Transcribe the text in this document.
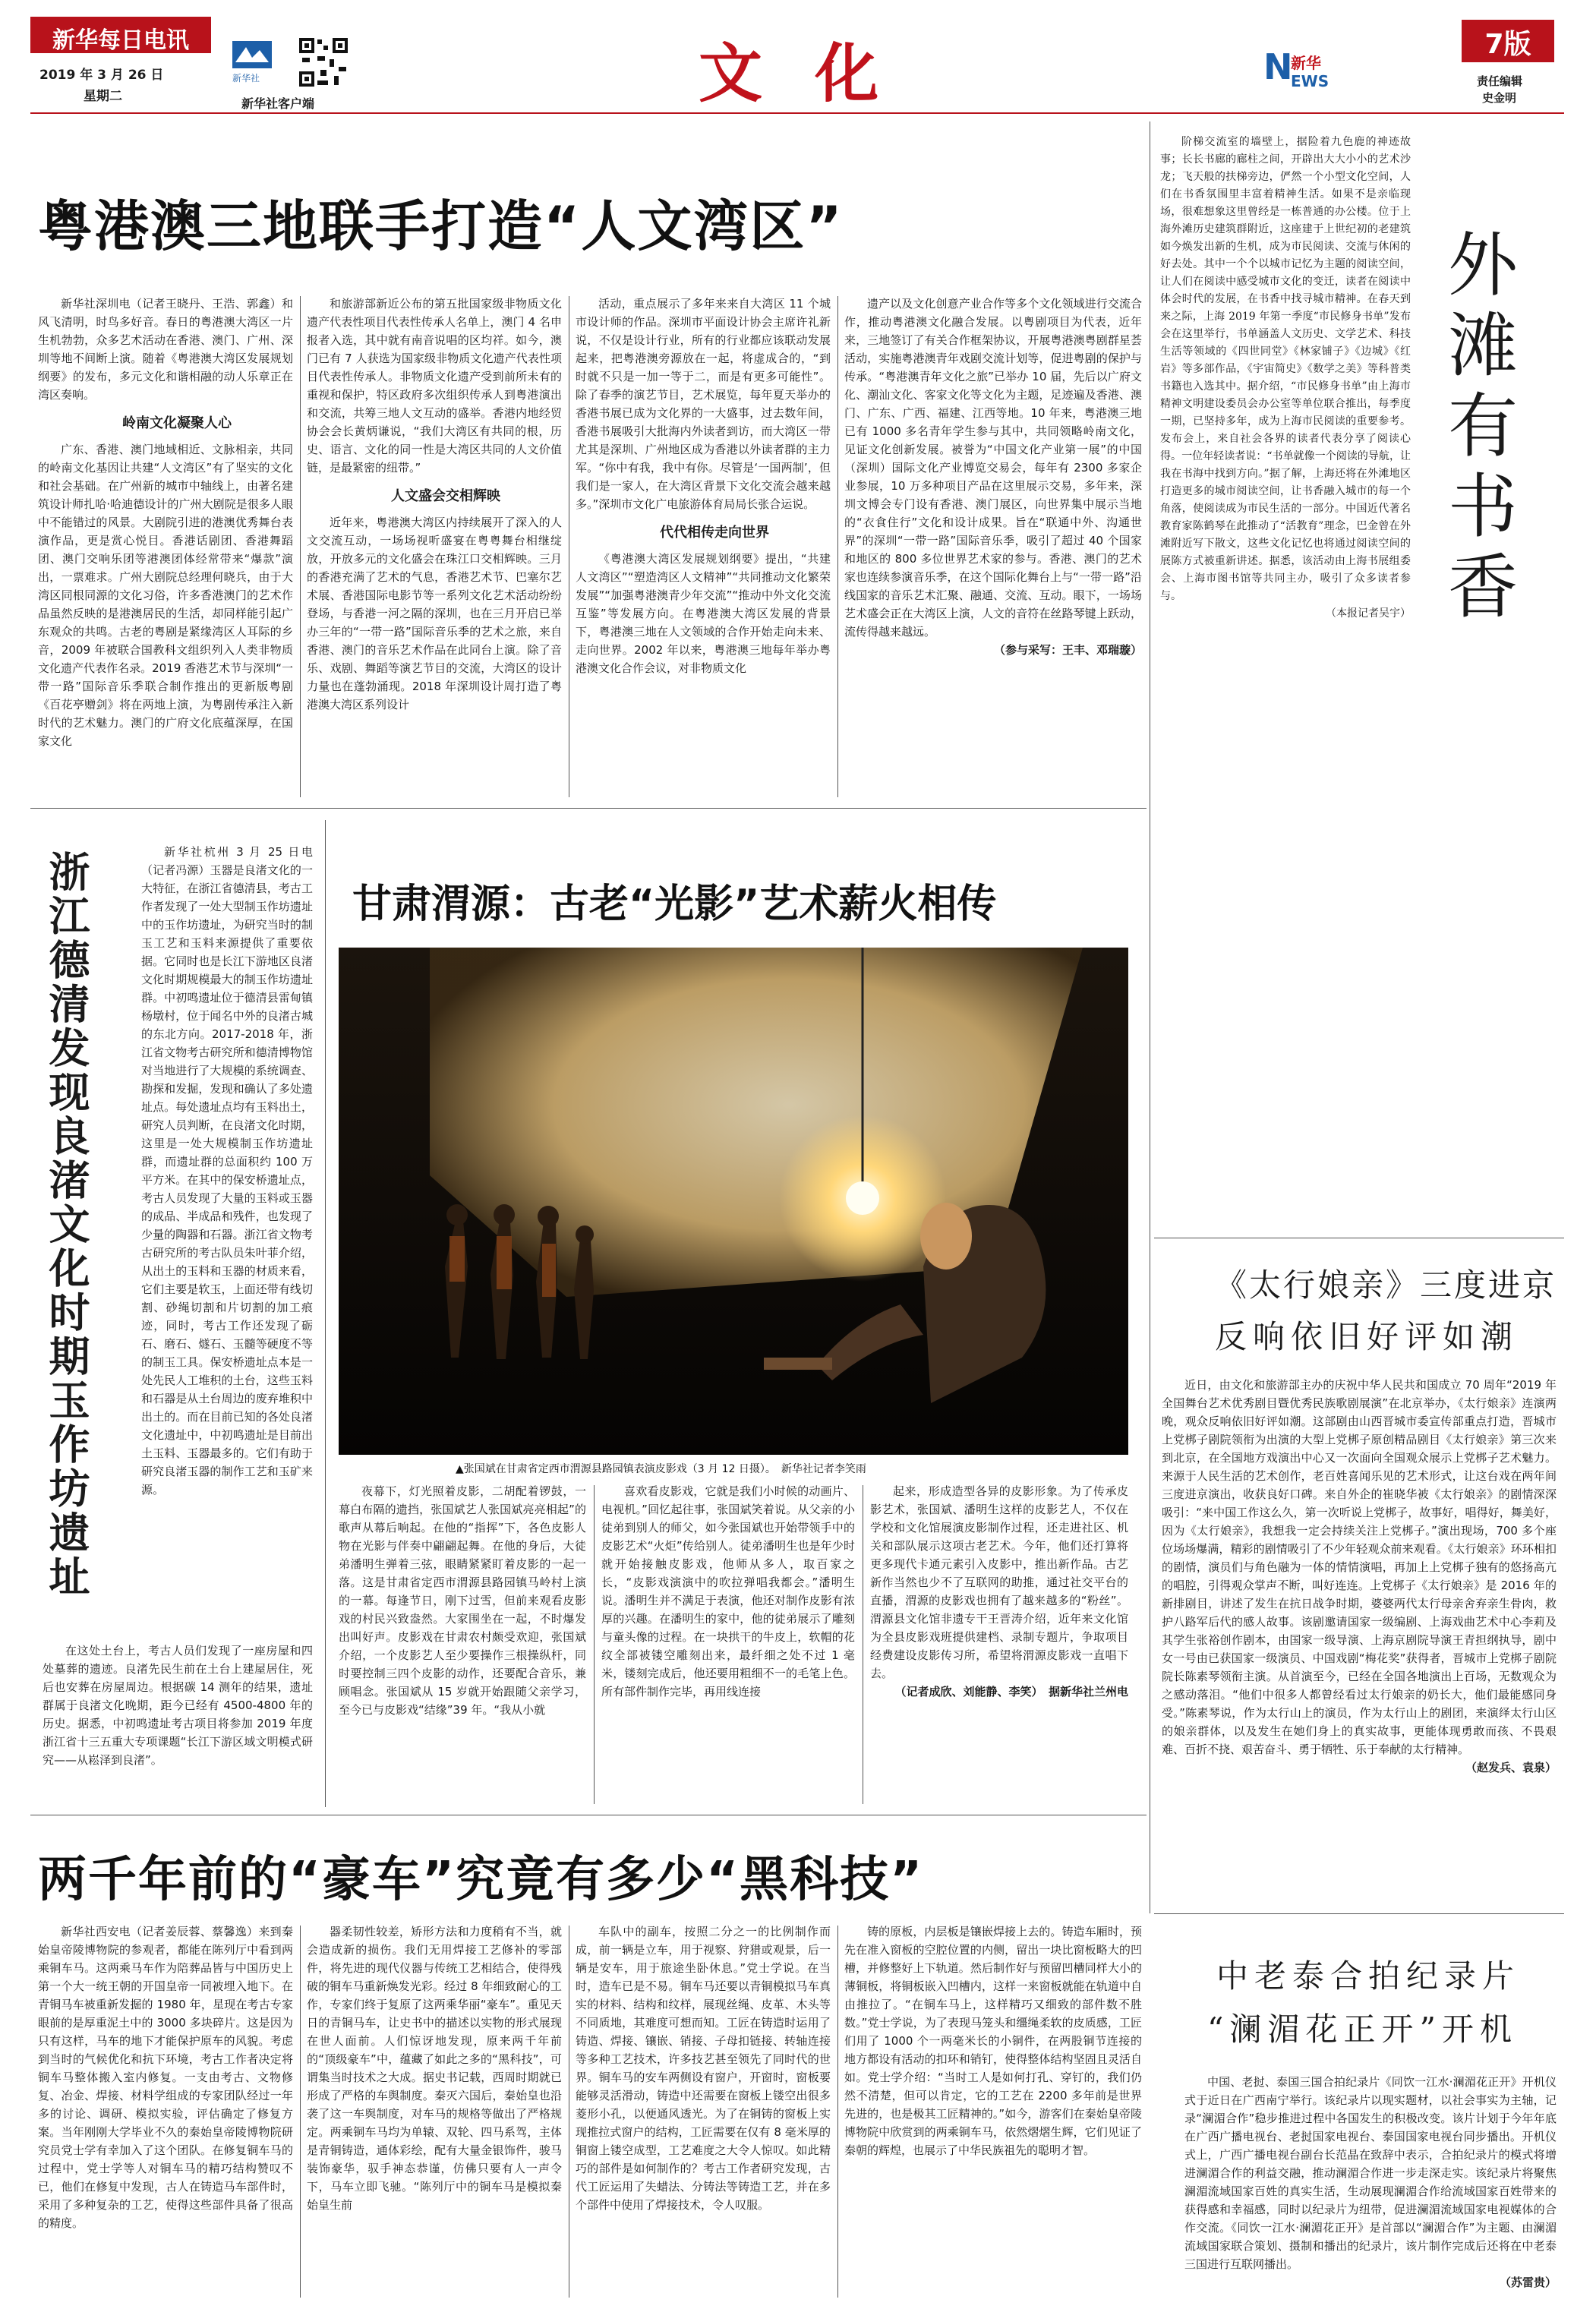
新华每日电讯
2019 年 3 月 26 日
星期二
新华社
新华社客户端	文 化	N
新华
EWS
7版
责任编辑
史金明
粤港澳三地联手打造“人文湾区”

新华社深圳电（记者王晓丹、王浩、郭鑫）和风飞清明，时鸟多好音。春日的粤港澳大湾区一片生机勃勃，众多艺术活动在香港、澳门、广州、深圳等地不间断上演。随着《粤港澳大湾区发展规划纲要》的发布，多元文化和谐相融的动人乐章正在湾区奏响。

岭南文化凝聚人心

广东、香港、澳门地域相近、文脉相亲，共同的岭南文化基因让共建“人文湾区”有了坚实的文化和社会基础。在广州新的城市中轴线上，由著名建筑设计师扎哈·哈迪德设计的广州大剧院是很多人眼中不能错过的风景。大剧院引进的港澳优秀舞台表演作品，更是赏心悦目。香港话剧团、香港舞蹈团、澳门交响乐团等港澳团体经常带来“爆款”演出，一票难求。广州大剧院总经理何晓兵，由于大湾区同根同源的文化习俗，许多香港澳门的艺术作品虽然反映的是港澳居民的生活，却同样能引起广东观众的共鸣。古老的粤剧是紧缘湾区人耳际的乡音，2009 年被联合国教科文组织列入人类非物质文化遗产代表作名录。2019 香港艺术节与深圳“一带一路”国际音乐季联合制作推出的更新版粤剧《百花亭赠剑》将在两地上演，为粤剧传承注入新时代的艺术魅力。澳门的广府文化底蕴深厚，在国家文化

和旅游部新近公布的第五批国家级非物质文化遗产代表性项目代表性传承人名单上，澳门 4 名申报者入选，其中就有南音说唱的区均祥。如今，澳门已有 7 人获选为国家级非物质文化遗产代表性项目代表性传承人。非物质文化遗产受到前所未有的重视和保护，特区政府多次组织传承人到粤港演出和交流，共筹三地人文互动的盛举。香港内地经贸协会会长黄炳谦说，“我们大湾区有共同的根，历史、语言、文化的同一性是大湾区共同的人文价值链，是最紧密的纽带。”

人文盛会交相辉映

近年来，粤港澳大湾区内持续展开了深入的人文交流互动，一场场视听盛宴在粤粤舞台相继绽放，开放多元的文化盛会在珠江口交相辉映。三月的香港充满了艺术的气息，香港艺术节、巴塞尔艺术展、香港国际电影节等一系列文化艺术活动纷纷登场，与香港一河之隔的深圳，也在三月开启已举办三年的“一带一路”国际音乐季的艺术之旅，来自香港、澳门的音乐艺术作品在此同台上演。除了音乐、戏剧、舞蹈等演艺节目的交流，大湾区的设计力量也在蓬勃涌现。2018 年深圳设计周打造了粤港澳大湾区系列设计

活动，重点展示了多年来来自大湾区 11 个城市设计师的作品。深圳市平面设计协会主席许礼新说，不仅是设计行业，所有的行业都应该联动发展起来，把粤港澳旁源放在一起，将虚成合的，“到时就不只是一加一等于二，而是有更多可能性”。除了春季的演艺节目，艺术展览，每年夏天举办的香港书展已成为文化界的一大盛事，过去数年间，香港书展吸引大批海内外读者到访，而大湾区一带尤其是深圳、广州地区成为香港以外读者群的主力军。“你中有我，我中有你。尽管是‘一国两制’，但我们是一家人，在大湾区背景下文化交流会越来越多。”深圳市文化广电旅游体育局局长张合运说。

代代相传走向世界

《粤港澳大湾区发展规划纲要》提出，“共建人文湾区”“塑造湾区人文精神”“共同推动文化繁荣发展”“加强粤港澳青少年交流”“推动中外文化交流互鉴”等发展方向。在粤港澳大湾区发展的背景下，粤港澳三地在人文领域的合作开始走向未来、走向世界。2002 年以来，粤港澳三地每年举办粤港澳文化合作会议，对非物质文化

遗产以及文化创意产业合作等多个文化领域进行交流合作，推动粤港澳文化融合发展。以粤剧项目为代表，近年来，三地签订了有关合作框架协议，开展粤港澳粤剧群星荟活动，实施粤港澳青年戏剧交流计划等，促进粤剧的保护与传承。“粤港澳青年文化之旅”已举办 10 届，先后以广府文化、潮汕文化、客家文化等文化为主题，足迹遍及香港、澳门、广东、广西、福建、江西等地。10 年来，粤港澳三地已有 1000 多名青年学生参与其中，共同领略岭南文化，见证文化创新发展。被誉为“中国文化产业第一展”的中国（深圳）国际文化产业博览交易会，每年有 2300 多家企业参展，10 万多种项目产品在这里展示交易，多年来，深圳文博会专门设有香港、澳门展区，向世界集中展示当地的“衣食住行”文化和设计成果。旨在“联通中外、沟通世界”的深圳“一带一路”国际音乐季，吸引了超过 40 个国家和地区的 800 多位世界艺术家的参与。香港、澳门的艺术家也连续参演音乐季，在这个国际化舞台上与“一带一路”沿线国家的音乐艺术汇聚、融通、交流、互动。眼下，一场场艺术盛会正在大湾区上演，人文的音符在丝路琴键上跃动，流传得越来越远。

（参与采写：王丰、邓瑞璇）

阶梯交流室的墙壁上，据险着九色鹿的神迹故事；长长书廊的廊柱之间，开辟出大大小小的艺术沙龙；飞天般的扶梯旁边，俨然一个小型文化空间，人们在书香氛围里丰富着精神生活。如果不是亲临现场，很难想象这里曾经是一栋普通的办公楼。位于上海外滩历史建筑群附近，这座建于上世纪初的老建筑如今焕发出新的生机，成为市民阅读、交流与休闲的好去处。其中一个个以城市记忆为主题的阅读空间，让人们在阅读中感受城市文化的变迁，读者在阅读中体会时代的发展，在书香中找寻城市精神。在春天到来之际，上海 2019 年第一季度“市民修身书单”发布会在这里举行，书单涵盖人文历史、文学艺术、科技生活等领域的《四世同堂》《林家铺子》《边城》《红岩》等多部作品，《宇宙简史》《数学之美》等科普类书籍也入选其中。据介绍，“市民修身书单”由上海市精神文明建设委员会办公室等单位联合推出，每季度一期，已坚持多年，成为上海市民阅读的重要参考。发布会上，来自社会各界的读者代表分享了阅读心得。一位年轻读者说：“书单就像一个阅读的导航，让我在书海中找到方向。”据了解，上海还将在外滩地区打造更多的城市阅读空间，让书香融入城市的每一个角落，使阅读成为市民生活的一部分。中国近代著名教育家陈鹤琴在此推动了“活教育”理念，巴金曾在外滩附近写下散文，这些文化记忆也将通过阅读空间的展陈方式被重新讲述。据悉，该活动由上海书展组委会、上海市图书馆等共同主办，吸引了众多读者参与。

（本报记者吴宇） 外滩有书香
《太行娘亲》三度进京
反响依旧好评如潮

近日，由文化和旅游部主办的庆祝中华人民共和国成立 70 周年“2019 年全国舞台艺术优秀剧目暨优秀民族歌剧展演”在北京举办，《太行娘亲》连演两晚，观众反响依旧好评如潮。这部剧由山西晋城市委宣传部重点打造，晋城市上党梆子剧院领衔为出演的大型上党梆子原创精品剧目《太行娘亲》第三次来到北京，在全国地方戏演出中心又一次面向全国观众展示上党梆子艺术魅力。来源于人民生活的艺术创作，老百姓喜闻乐见的艺术形式，让这台戏在两年间三度进京演出，收获良好口碑。来自外企的崔晓华被《太行娘亲》的剧情深深吸引：“来中国工作这么久，第一次听说上党梆子，故事好，唱得好，舞美好，因为《太行娘亲》，我想我一定会持续关注上党梆子。”演出现场，700 多个座位场场爆满，精彩的剧情吸引了不少年轻观众前来观看。《太行娘亲》环环相扣的剧情，演员们与角色融为一体的情情演唱，再加上上党梆子独有的悠扬高亢的唱腔，引得观众掌声不断，叫好连连。上党梆子《太行娘亲》是 2016 年的新排剧目，讲述了发生在抗日战争时期，婆婆两代太行母亲舍弃亲生骨肉，救护八路军后代的感人故事。该剧邀请国家一级编剧、上海戏曲艺术中心李莉及其学生张裕创作剧本，由国家一级导演、上海京剧院导演王青担纲执导，剧中女一号由已获国家一级演员、中国戏剧“梅花奖”获得者，晋城市上党梆子剧院院长陈素琴领衔主演。从首演至今，已经在全国各地演出上百场，无数观众为之感动落泪。“他们中很多人都曾经看过太行娘亲的奶长大，他们最能感同身受。”陈素琴说，作为太行山上的演员，作为太行山上的剧团，来演绎太行山区的娘亲群体，以及发生在她们身上的真实故事，更能体现勇敢而孩、不畏艰难、百折不挠、艰苦奋斗、勇于牺牲、乐于奉献的太行精神。

（赵发兵、袁泉）

中老泰合拍纪录片
“澜湄花正开”开机

中国、老挝、泰国三国合拍纪录片《同饮一江水·澜湄花正开》开机仪式于近日在广西南宁举行。该纪录片以现实题材，以社会事实为主轴，记录“澜湄合作”稳步推进过程中各国发生的积极改变。该片计划于今年年底在广西广播电视台、老挝国家电视台、泰国国家电视台同步播出。开机仪式上，广西广播电视台副台长范晶在致辞中表示，合拍纪录片的模式将增进澜湄合作的利益交融，推动澜湄合作进一步走深走实。该纪录片将聚焦澜湄流域国家百姓的真实生活，生动展现澜湄合作给流域国家百姓带来的获得感和幸福感，同时以纪录片为纽带，促进澜湄流域国家电视媒体的合作交流。《同饮一江水·澜湄花正开》是首部以“澜湄合作”为主题、由澜湄流域国家联合策划、摄制和播出的纪录片，该片制作完成后还将在中老泰三国进行互联网播出。

（苏雷贵）

浙江德清发现良渚文化时期玉作坊遗址	新华社杭州 3 月 25 日电（记者冯源）玉器是良渚文化的一大特征，在浙江省德清县，考古工作者发现了一处大型制玉作坊遗址中的玉作坊遗址，为研究当时的制玉工艺和玉料来源提供了重要依据。它同时也是长江下游地区良渚文化时期规模最大的制玉作坊遗址群。中初鸣遗址位于德清县雷甸镇杨墩村，位于闻名中外的良渚古城的东北方向。2017-2018 年，浙江省文物考古研究所和德清博物馆对当地进行了大规模的系统调查、勘探和发掘，发现和确认了多处遗址点。每处遗址点均有玉料出土，研究人员判断，在良渚文化时期，这里是一处大规模制玉作坊遗址群，而遗址群的总面积约 100 万平方米。在其中的保安桥遗址点，考古人员发现了大量的玉料或玉器的成品、半成品和残件，也发现了少量的陶器和石器。浙江省文物考古研究所的考古队员朱叶菲介绍，从出土的玉料和玉器的材质来看，它们主要是软玉，上面还带有线切割、砂绳切割和片切割的加工痕迹，同时，考古工作还发现了砺石、磨石、燧石、玉髓等硬度不等的制玉工具。保安桥遗址点本是一处先民人工堆积的土台，这些玉料和石器是从土台周边的废弃堆积中出土的。而在目前已知的各处良渚文化遗址中，中初鸣遗址是目前出土玉料、玉器最多的。它们有助于研究良渚玉器的制作工艺和玉矿来源。

在这处土台上，考古人员们发现了一座房屋和四处墓葬的遗迹。良渚先民生前在土台上建屋居住，死后也安葬在房屋周边。根据碳 14 测年的结果，遗址群属于良渚文化晚期，距今已经有 4500-4800 年的历史。据悉，中初鸣遗址考古项目将参加 2019 年度浙江省十三五重大专项课题“长江下游区域文明模式研究——从崧泽到良渚”。

甘肃渭源：古老“光影”艺术薪火相传
▲张国斌在甘肃省定西市渭源县路园镇表演皮影戏（3 月 12 日摄）。　新华社记者李笑雨

夜幕下，灯光照着皮影，二胡配着锣鼓，一幕白布隔的遗挡，张国斌艺人张国斌亮亮相起”的歌声从幕后响起。在他的“指挥”下，各色皮影人物在光影与伴奏中翩翩起舞。在他的身后，大徒弟潘明生弹着三弦，眼睛紧紧盯着皮影的一起一落。这是甘肃省定西市渭源县路园镇马岭村上演的一幕。每逢节日，刚下过雪，但前来观看皮影戏的村民兴致盎然。大家围坐在一起，不时爆发出叫好声。皮影戏在甘肃农村颇受欢迎，张国斌介绍，一个皮影艺人至少要操作三根操纵杆，同时要控制三四个皮影的动作，还要配合音乐，兼顾唱念。张国斌从 15 岁就开始跟随父亲学习，至今已与皮影戏“结缘”39 年。“我从小就

喜欢看皮影戏，它就是我们小时候的动画片、电视机。”回忆起往事，张国斌笑着说。从父亲的小徒弟到别人的师父，如今张国斌也开始带领手中的皮影艺术“火炬”传给别人。徒弟潘明生也是年少时就开始接触皮影戏，他师从多人，取百家之长，“皮影戏演演中的吹拉弹唱我都会。”潘明生说。潘明生并不满足于表演，他还对制作皮影有浓厚的兴趣。在潘明生的家中，他的徒弟展示了雕刻与童头像的过程。在一块拱干的牛皮上，软帽的花纹全部被镂空雕刻出来，最纤细之处不过 1 毫米，镂刻完成后，他还要用粗细不一的毛笔上色。所有部件制作完毕，再用线连接

起来，形成造型各异的皮影形象。为了传承皮影艺术，张国斌、潘明生这样的皮影艺人，不仅在学校和文化馆展演皮影制作过程，还走进社区、机关和部队展示这项古老艺术。今年，他们还打算将更多现代卡通元素引入皮影中，推出新作品。古艺新作当然也少不了互联网的助推，通过社交平台的直播，渭源的皮影戏也拥有了越来越多的“粉丝”。渭源县文化馆非遗专干王晋涛介绍，近年来文化馆为全县皮影戏班提供建档、录制专题片，争取项目经费建设皮影传习所，希望将渭源皮影戏一直唱下去。

（记者成欣、刘能静、李笑）　据新华社兰州电

两千年前的“豪车”究竟有多少“黑科技”

新华社西安电（记者姜辰蓉、蔡馨逸）来到秦始皇帝陵博物院的参观者，都能在陈列厅中看到两乘铜车马。这两乘马车作为陪葬品皆与中国历史上第一个大一统王朝的开国皇帝一同被埋入地下。在青铜马车被重新发掘的 1980 年，星现在考古专家眼前的是厚重泥土中的 3000 多块碎片。这是因为只有这样，马车的地下才能保护原车的风貌。考虑到当时的气候优化和抗下环境，考古工作者决定将铜车马整体搬入室内修复。一支由考古、文物修复、冶金、焊接、材料学组成的专家团队经过一年多的讨论、调研、模拟实验，评估确定了修复方案。当年刚刚大学毕业不久的秦始皇帝陵博物院研究员党士学有幸加入了这个团队。在修复铜车马的过程中，党士学等人对铜车马的精巧结构赞叹不已，他们在修复中发现，古人在铸造马车部件时，采用了多种复杂的工艺，使得这些部件具备了很高的精度。

器柔韧性较差，矫形方法和力度稍有不当，就会造成新的损伤。我们无用焊接工艺修补的零部件，将先进的现代仪器与传统工艺相结合，使得残破的铜车马重新焕发光彩。经过 8 年细致耐心的工作，专家们终于复原了这两乘华丽“豪车”。重见天日的青铜马车，让史书中的描述以实物的形式展现在世人面前。人们惊讶地发现，原来两千年前的“顶级豪车”中，蕴藏了如此之多的“黑科技”，可谓集当时技术之大成。据史书记载，西周时期就已形成了严格的车舆制度。秦灭六国后，秦始皇也沿袭了这一车舆制度，对车马的规格等做出了严格规定。两乘铜车马均为单辕、双轮、四马系驾，主体是青铜铸造，通体彩绘，配有大量金银饰件，骏马装饰豪华，驭手神态恭谨，仿佛只要有人一声令下，马车立即飞驰。“陈列厅中的铜车马是模拟秦始皇生前

车队中的副车，按照二分之一的比例制作而成，前一辆是立车，用于视察、狩猎或观景，后一辆是安车，用于旅途坐卧休息。”党士学说。在当时，造车已是不易。铜车马还要以青铜模拟马车真实的材料、结构和纹样，展现丝绳、皮革、木头等不同质地，其难度可想而知。工匠在铸造时运用了铸造、焊接、镶嵌、销接、子母扣链接、转轴连接等多种工艺技术，许多技艺甚至领先了同时代的世界。铜车马的安车两侧设有窗户，开窗时，窗板要能够灵活滑动，铸造中还需要在窗板上镂空出很多菱形小孔，以便通风透光。为了在铜铸的窗板上实现推拉式窗户的结构，工匠需要在仅有 8 毫米厚的铜窗上镂空成型，工艺难度之大令人惊叹。如此精巧的部件是如何制作的？考古工作者研究发现，古代工匠运用了失蜡法、分铸法等铸造工艺，并在多个部件中使用了焊接技术，令人叹服。

铸的原板，内层板是镶嵌焊接上去的。铸造车厢时，预先在准入窗板的空腔位置的内侧，留出一块比窗板略大的凹槽，并修整好上下轨道。然后制作好与预留凹槽同样大小的薄铜板，将铜板嵌入凹槽内，这样一来窗板就能在轨道中自由推拉了。“在铜车马上，这样精巧又细致的部件数不胜数。”党士学说，为了表现马笼头和缰绳柔软的皮质感，工匠们用了 1000 个一两毫米长的小铜件，在两股铜节连接的地方都设有活动的扣环和销钉，使得整体结构坚固且灵活自如。党士学介绍：“当时工人是如何打孔、穿钉的，我们仍然不清楚，但可以肯定，它的工艺在 2200 多年前是世界先进的，也是极其工匠精神的。”如今，游客们在秦始皇帝陵博物院中欣赏到的两乘铜车马，依然熠熠生辉，它们见证了秦朝的辉煌，也展示了中华民族祖先的聪明才智。
